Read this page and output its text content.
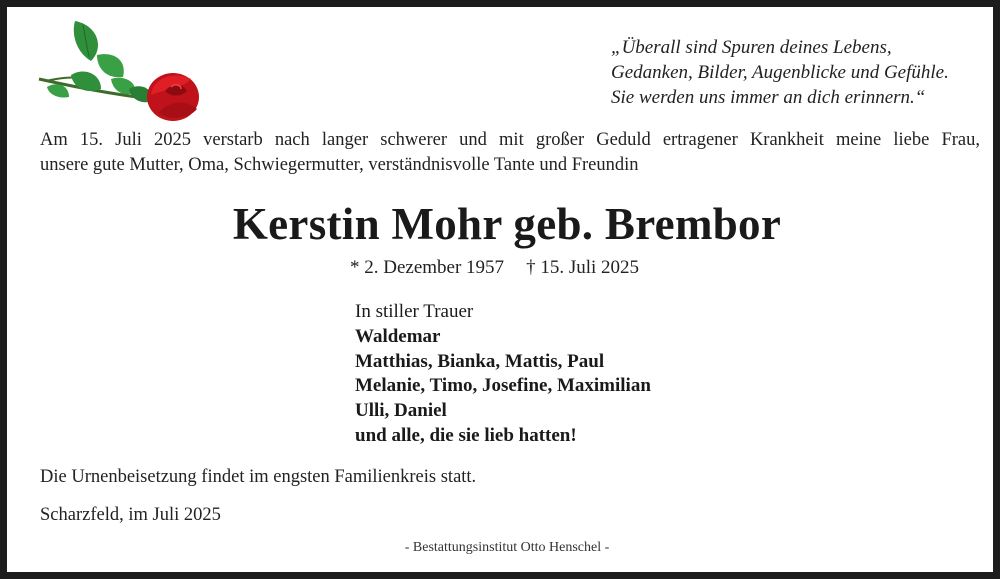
„Überall sind Spuren deines Lebens,
Gedanken, Bilder, Augenblicke und Gefühle.
Sie werden uns immer an dich erinnern.“
Am 15. Juli 2025 verstarb nach langer schwerer und mit großer Geduld ertragener Krankheit meine liebe Frau,
unsere gute Mutter, Oma, Schwiegermutter, verständnisvolle Tante und Freundin
Kerstin Mohr geb. Brembor
* 2. Dezember 1957 † 15. Juli 2025
In stiller Trauer
Waldemar
Matthias, Bianka, Mattis, Paul
Melanie, Timo, Josefine, Maximilian
Ulli, Daniel
und alle, die sie lieb hatten!
Die Urnenbeisetzung findet im engsten Familienkreis statt.
Scharzfeld, im Juli 2025
- Bestattungsinstitut Otto Henschel -
